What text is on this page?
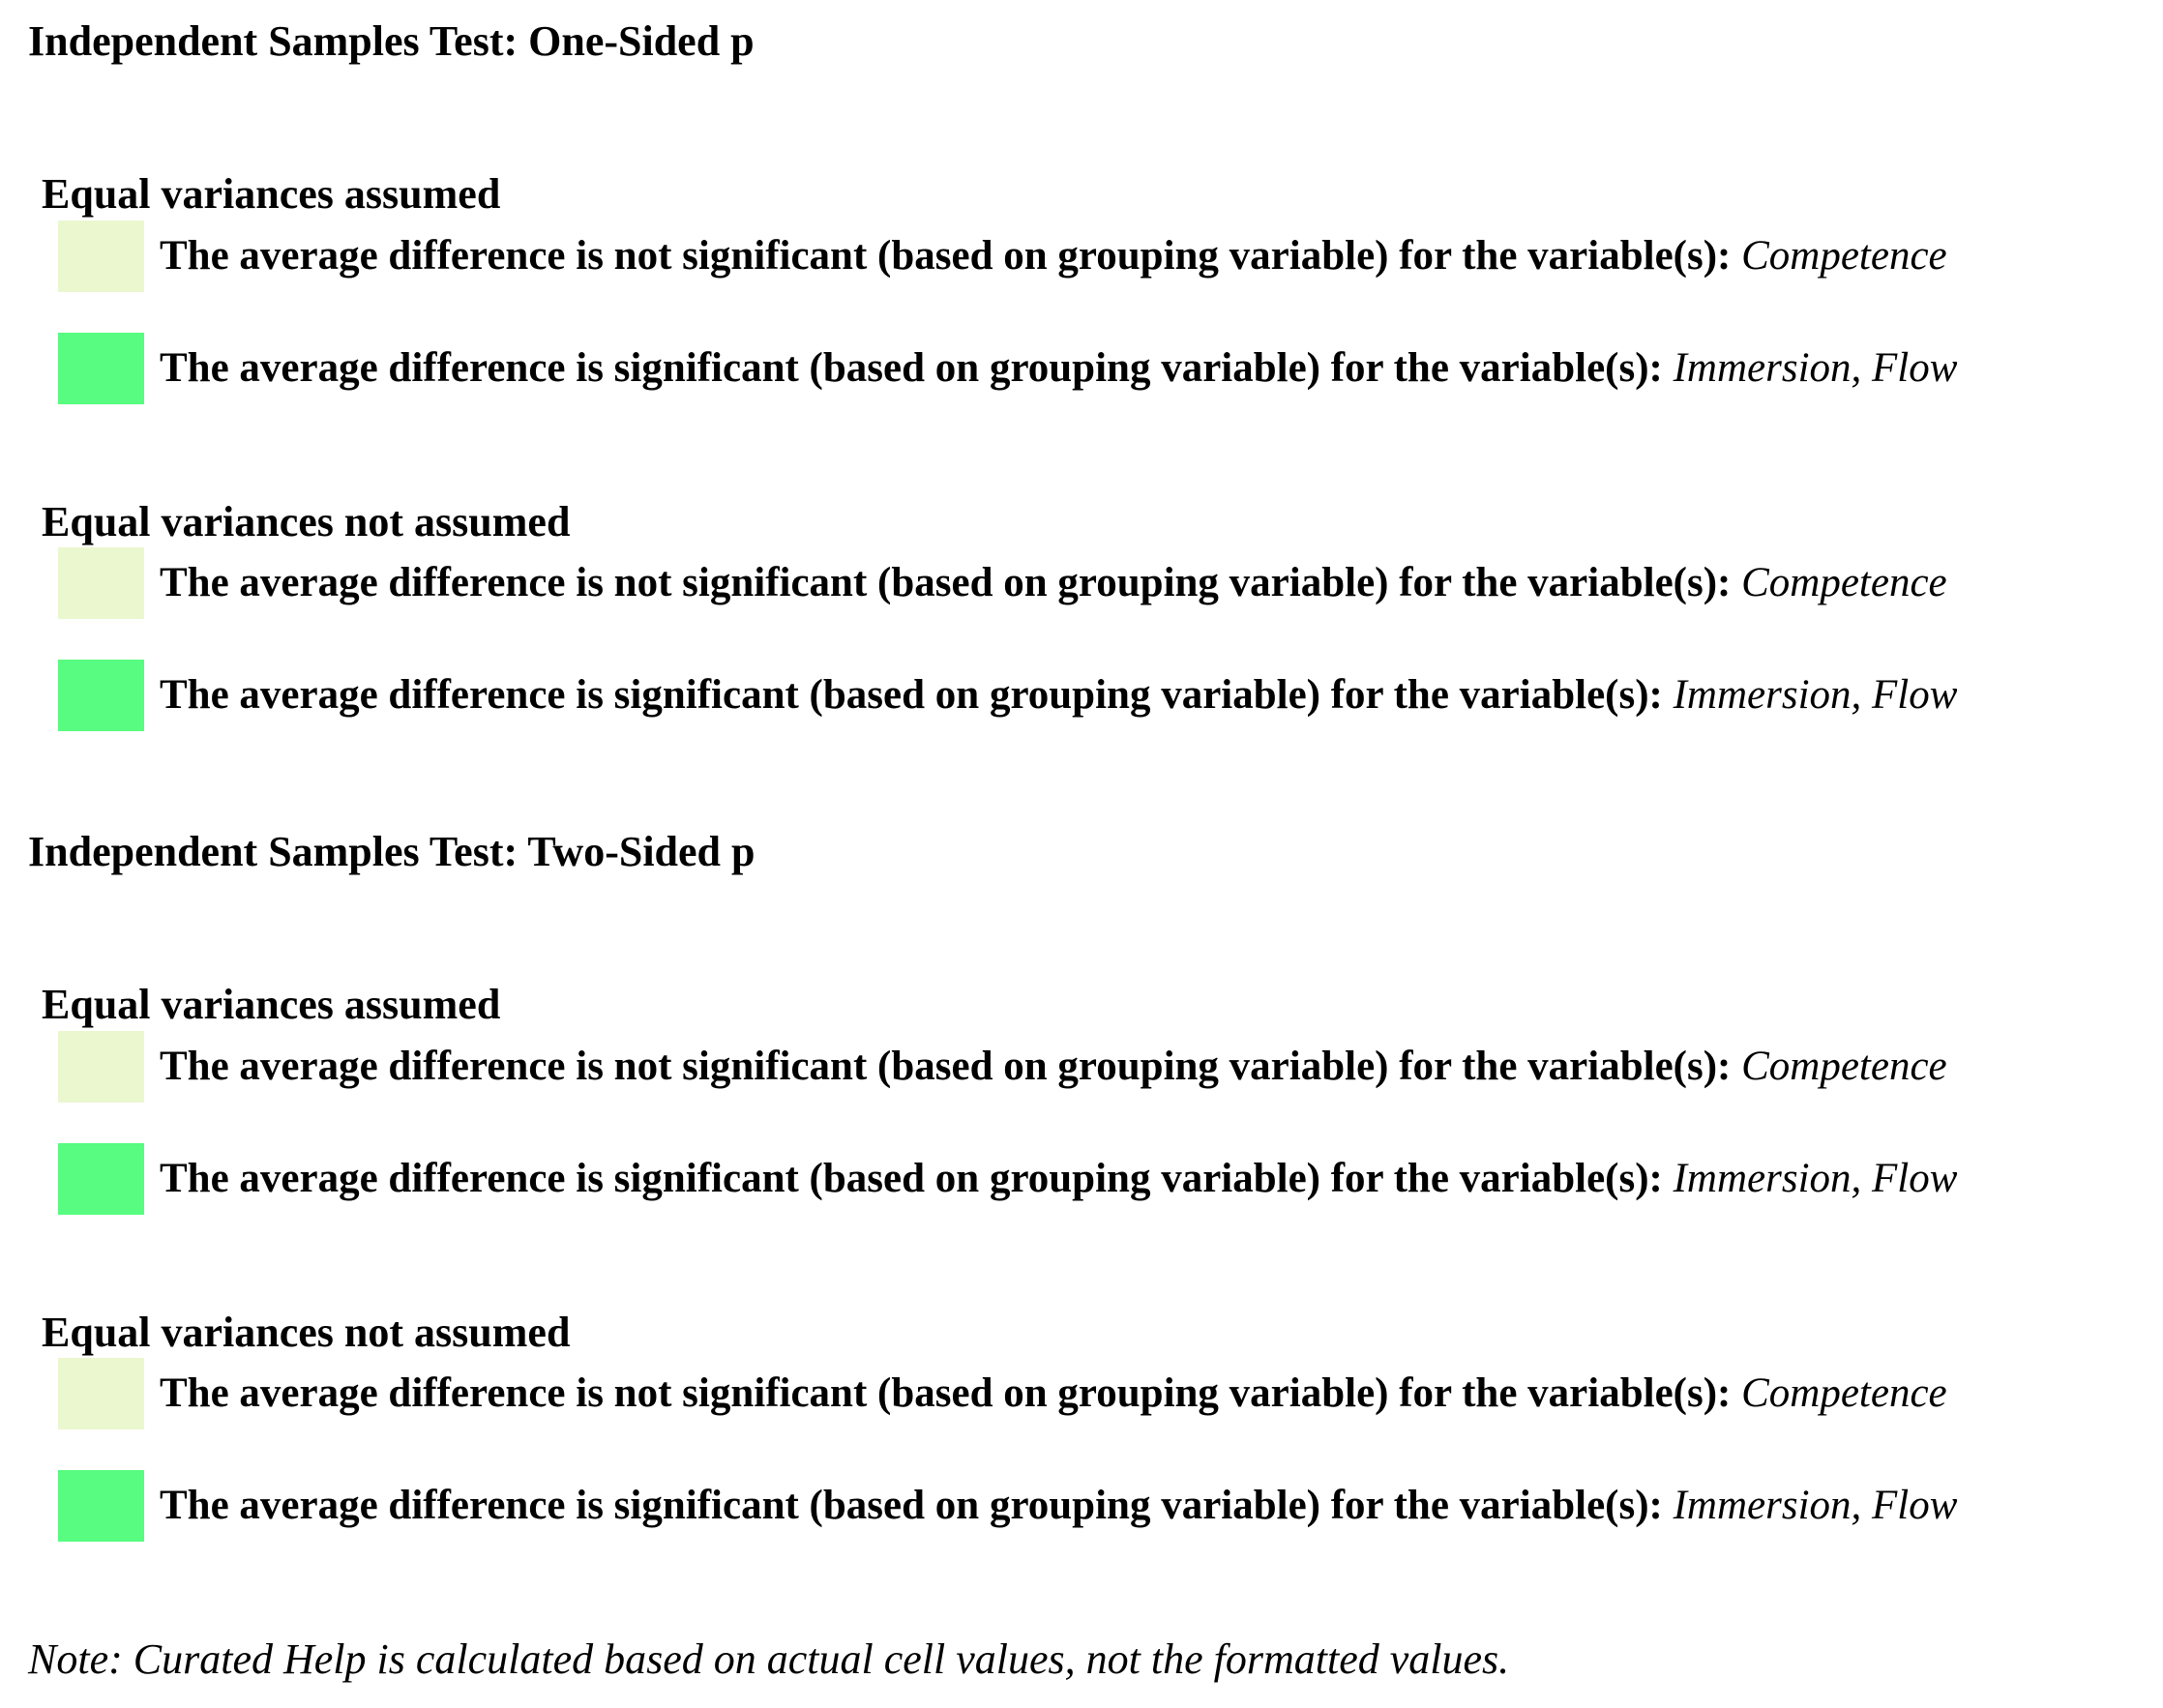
Independent Samples Test: One-Sided p
Equal variances assumed
The average difference is not significant (based on grouping variable) for the variable(s): Competence
The average difference is significant (based on grouping variable) for the variable(s): Immersion, Flow
Equal variances not assumed
The average difference is not significant (based on grouping variable) for the variable(s): Competence
The average difference is significant (based on grouping variable) for the variable(s): Immersion, Flow
Independent Samples Test: Two-Sided p
Equal variances assumed
The average difference is not significant (based on grouping variable) for the variable(s): Competence
The average difference is significant (based on grouping variable) for the variable(s): Immersion, Flow
Equal variances not assumed
The average difference is not significant (based on grouping variable) for the variable(s): Competence
The average difference is significant (based on grouping variable) for the variable(s): Immersion, Flow
Note: Curated Help is calculated based on actual cell values, not the formatted values.
